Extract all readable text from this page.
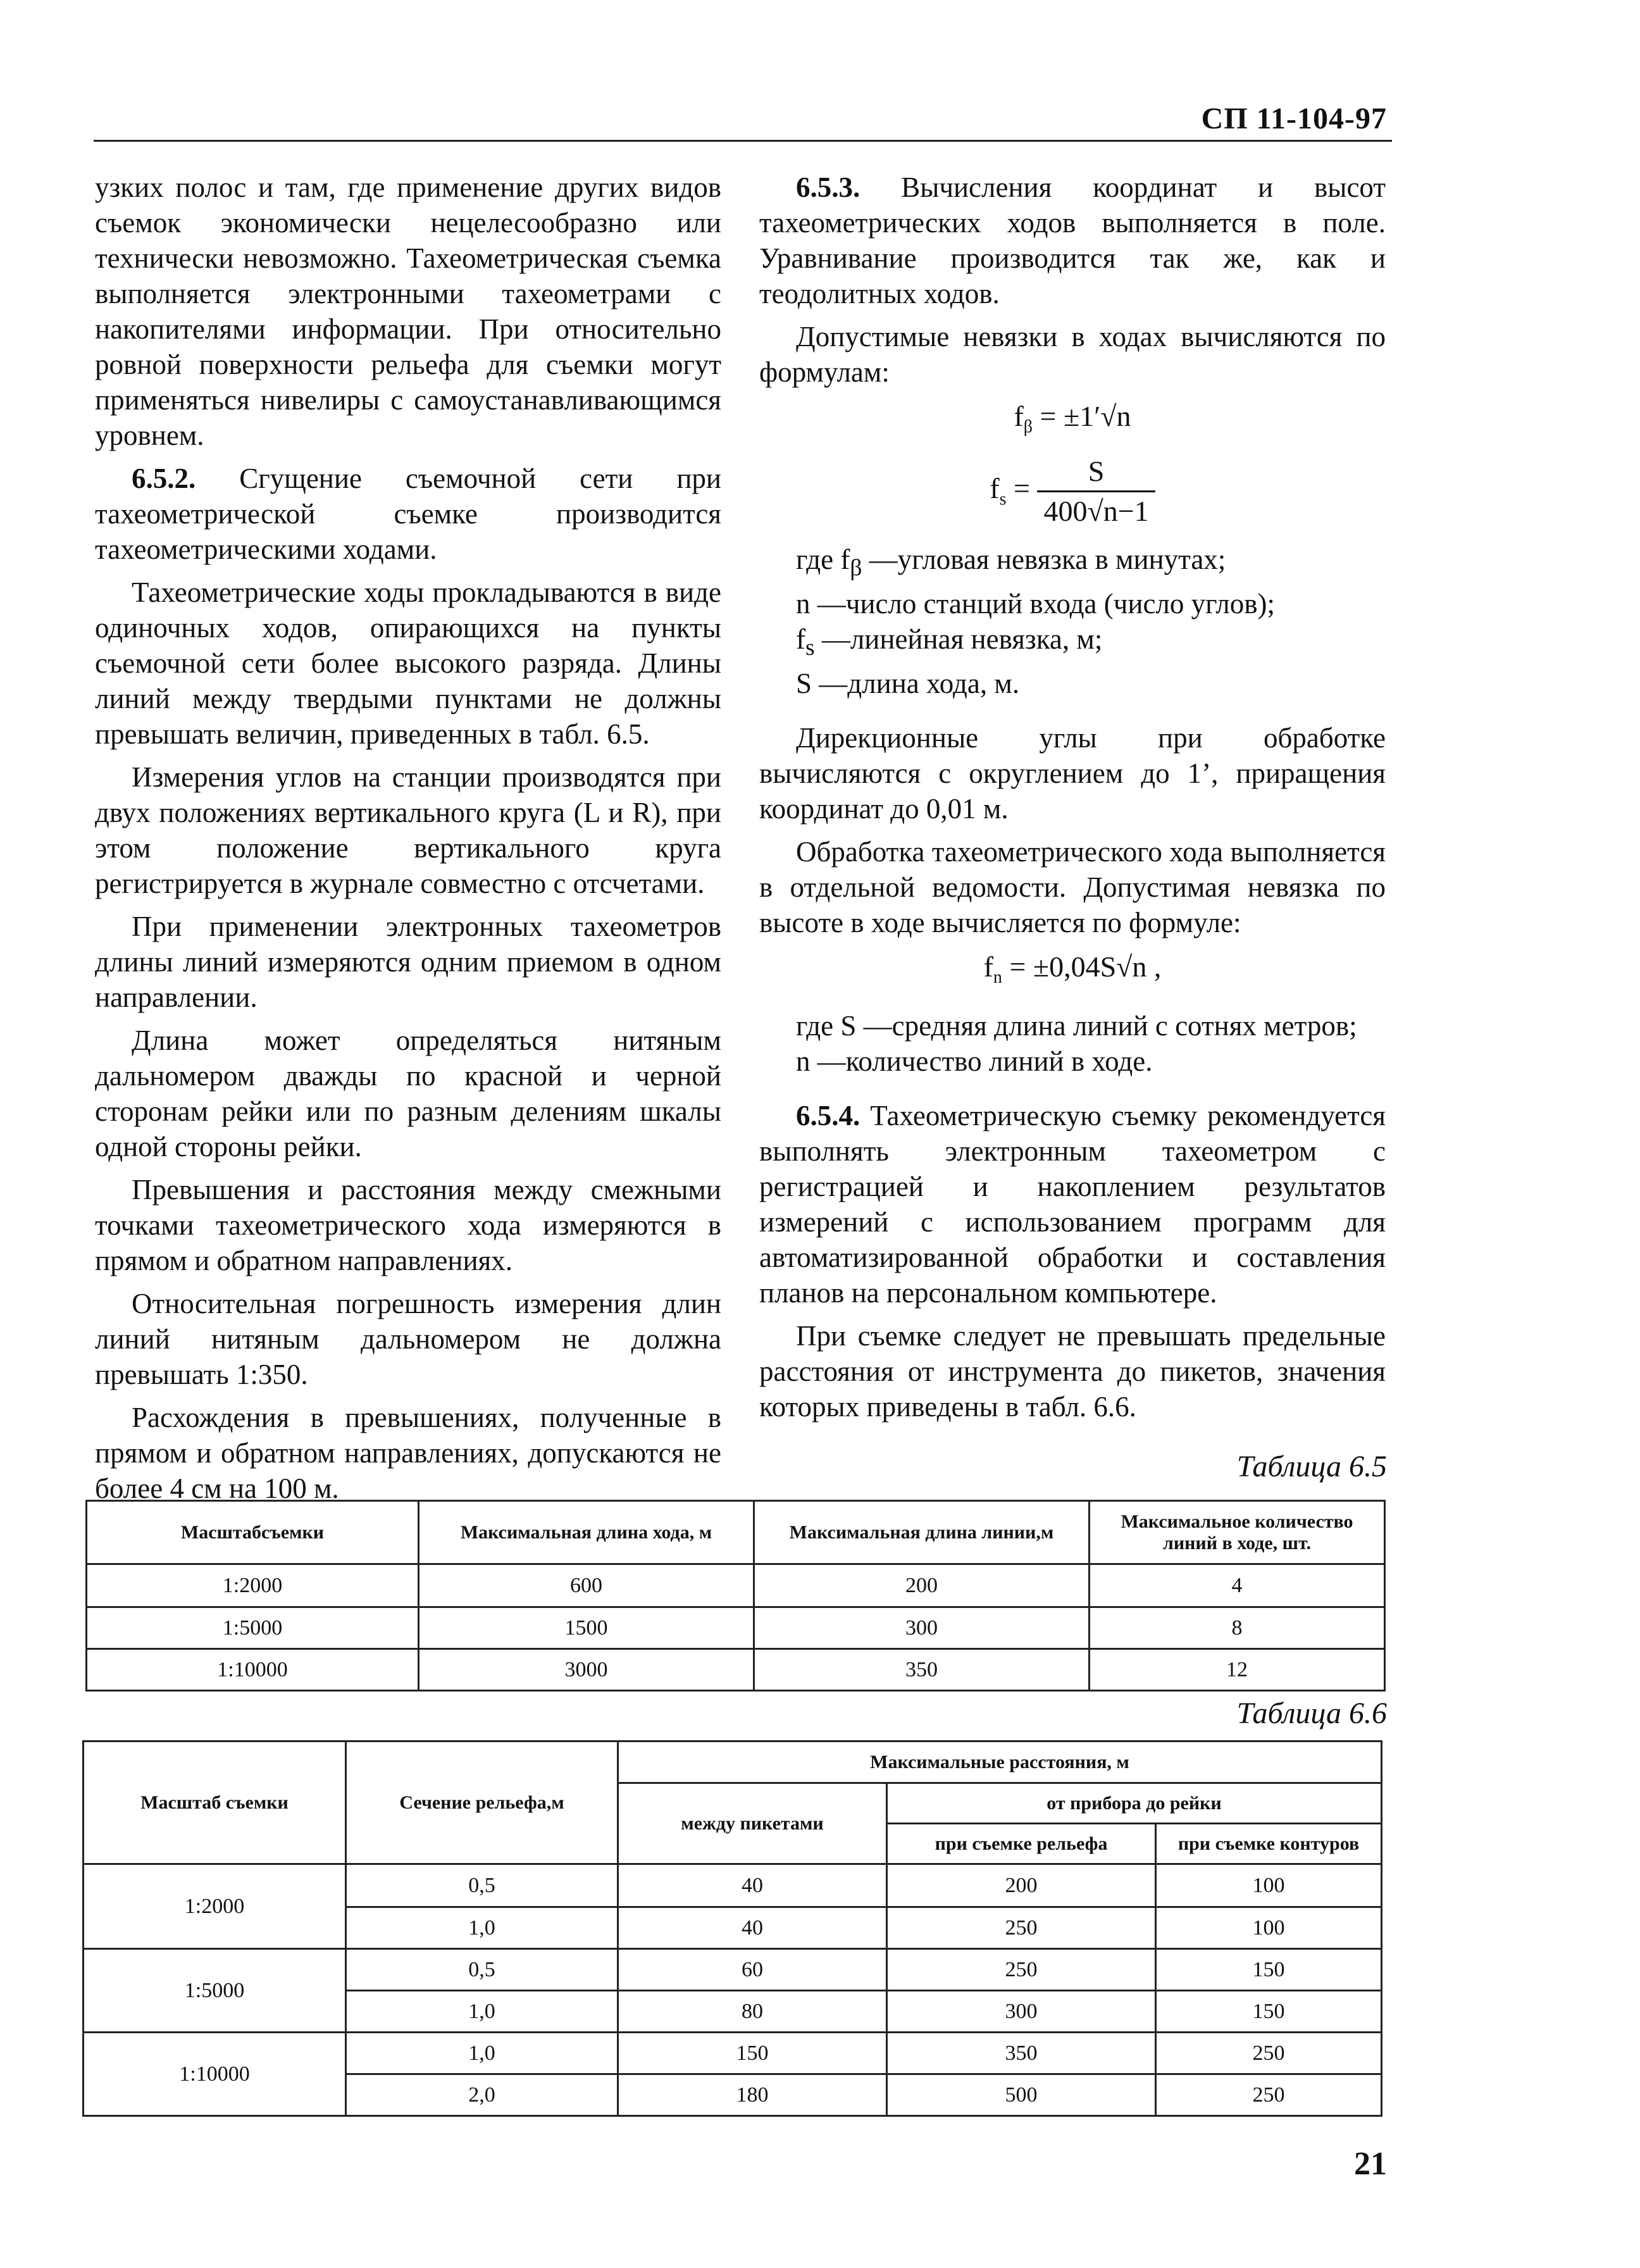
СП 11-104-97

узких полос и там, где применение других видов съемок экономически нецелесообразно или технически невозможно. Тахеометрическая съемка выполняется электронными тахеометрами с накопителями информации. При относительно ровной поверхности рельефа для съемки могут применяться нивелиры с самоустанавливающимся уровнем.

6.5.2. Сгущение съемочной сети при тахеометрической съемке производится тахеометрическими ходами.

Тахеометрические ходы прокладываются в виде одиночных ходов, опирающихся на пункты съемочной сети более высокого разряда. Длины линий между твердыми пунктами не должны превышать величин, приведенных в табл. 6.5.

Измерения углов на станции производятся при двух положениях вертикального круга (L и R), при этом положение вертикального круга регистрируется в журнале совместно с отсчетами.

При применении электронных тахеометров длины линий измеряются одним приемом в одном направлении.

Длина может определяться нитяным дальномером дважды по красной и черной сторонам рейки или по разным делениям шкалы одной стороны рейки.

Превышения и расстояния между смежными точками тахеометрического хода измеряются в прямом и обратном направлениях.

Относительная погрешность измерения длин линий нитяным дальномером не должна превышать 1:350.

Расхождения в превышениях, полученные в прямом и обратном направлениях, допускаются не более 4 см на 100 м.

6.5.3. Вычисления координат и высот тахеометрических ходов выполняется в поле. Уравнивание производится так же, как и теодолитных ходов.

Допустимые невязки в ходах вычисляются по формулам:

$f_\beta = \pm 1'√n$
$f_s = \frac{S}{400√n-1}$
где $f_\beta$ —угловая невязка в минутах;
n —число станций входа (число углов);
$f_s$ —линейная невязка, м;
S —длина хода, м.

Дирекционные углы при обработке вычисляются с округлением до 1’, приращения координат до 0,01 м.

Обработка тахеометрического хода выполняется в отдельной ведомости. Допустимая невязка по высоте в ходе вычисляется по формуле:

$f_n = \pm 0,04S√n$ ,
где S —средняя длина линий с сотнях метров;
n —количество линий в ходе.

6.5.4. Тахеометрическую съемку рекомендуется выполнять электронным тахеометром с регистрацией и накоплением результатов измерений с использованием программ для автоматизированной обработки и составления планов на персональном компьютере.

При съемке следует не превышать предельные расстояния от инструмента до пикетов, значения которых приведены в табл. 6.6.

Таблица 6.5
Масштабсъемки	Максимальная длина хода, м	Максимальная длина линии,м	Максимальное количество линий в ходе, шт.
1:2000	600	200	4
1:5000	1500	300	8
1:10000	3000	350	12
Таблица 6.6
Масштаб съемки	Сечение рельефа,м	Максимальные расстояния, м		
		между пикетами	от прибора до рейки	
			при съемке рельефа	при съемке контуров
1:2000	0,5	40	200	100
	1,0	40	250	100
1:5000	0,5	60	250	150
	1,0	80	300	150
1:10000	1,0	150	350	250
	2,0	180	500	250
21
